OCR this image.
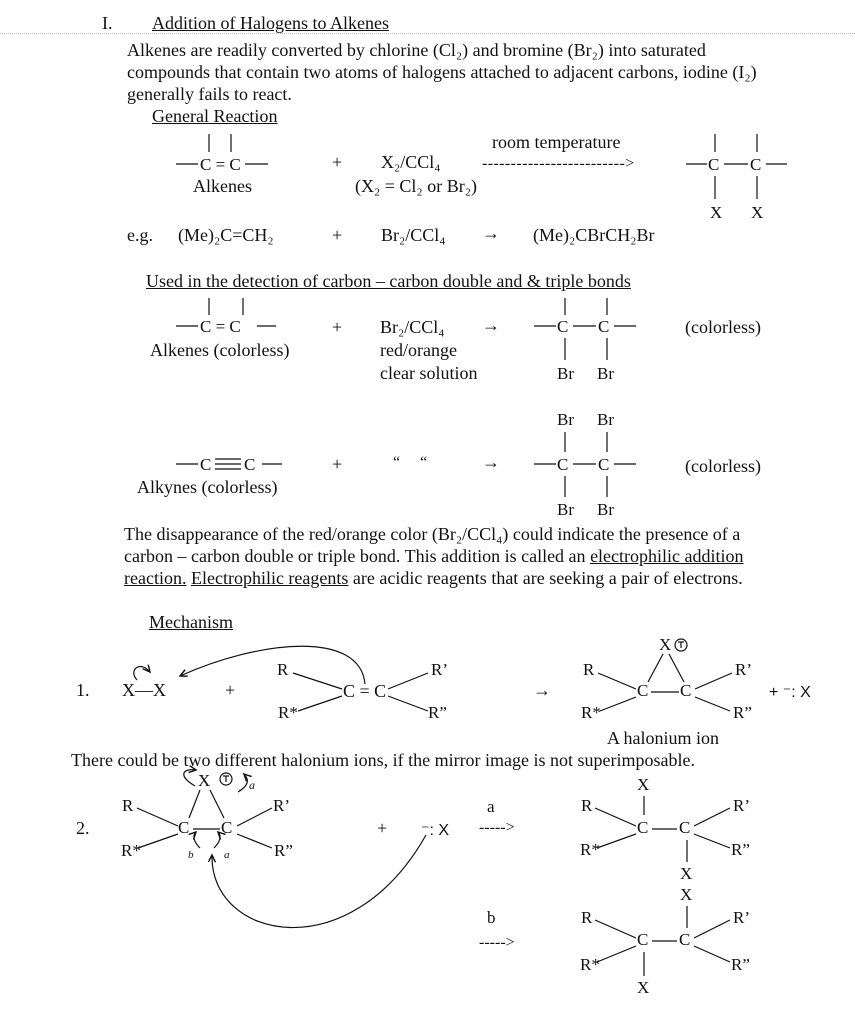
I. Addition of Halogens to Alkenes
Alkenes are readily converted by chlorine (Cl₂) and bromine (Br₂) into saturated compounds that contain two atoms of halogens attached to adjacent carbons, iodine (I₂) generally fails to react.
General Reaction
Alkenes
+ X₂/CCl₄
(X₂ = Cl₂ or Br₂)
room temperature
------------------------->
X X
e.g. (Me)₂C=CH₂	+ Br₂/CCl₄ → (Me)₂CBrCH₂Br
Used in the detection of carbon – carbon double and & triple bonds
Alkenes (colorless)
+ Br₂/CCl₄
red/orange
clear solution
→
Br Br
(colorless)
Br Br
Alkynes (colorless)
+	“     “	→
Br Br
(colorless)
The disappearance of the red/orange color (Br₂/CCl₄) could indicate the presence of a carbon – carbon double or triple bond. This addition is called an electrophilic addition reaction. Electrophilic reagents are acidic reagents that are seeking a pair of electrons.
Mechanism
1. X—X	+
R
R*
C = C
R’
R”
→
X
R
R*
C C
R’
R”
+ ⁻: X
A halonium ion
There could be two different halonium ions, if the mirror image is not superimposable.
2.
X
R
R*
C C
R’
R”
b	a
a
+ ⁻: X
a
----->
b
----->
X
R
R*
C C
R’
R”
X
X
R
R*
C C
R’
R”
X
C = C	C C
C = C	C C
C C	C C
